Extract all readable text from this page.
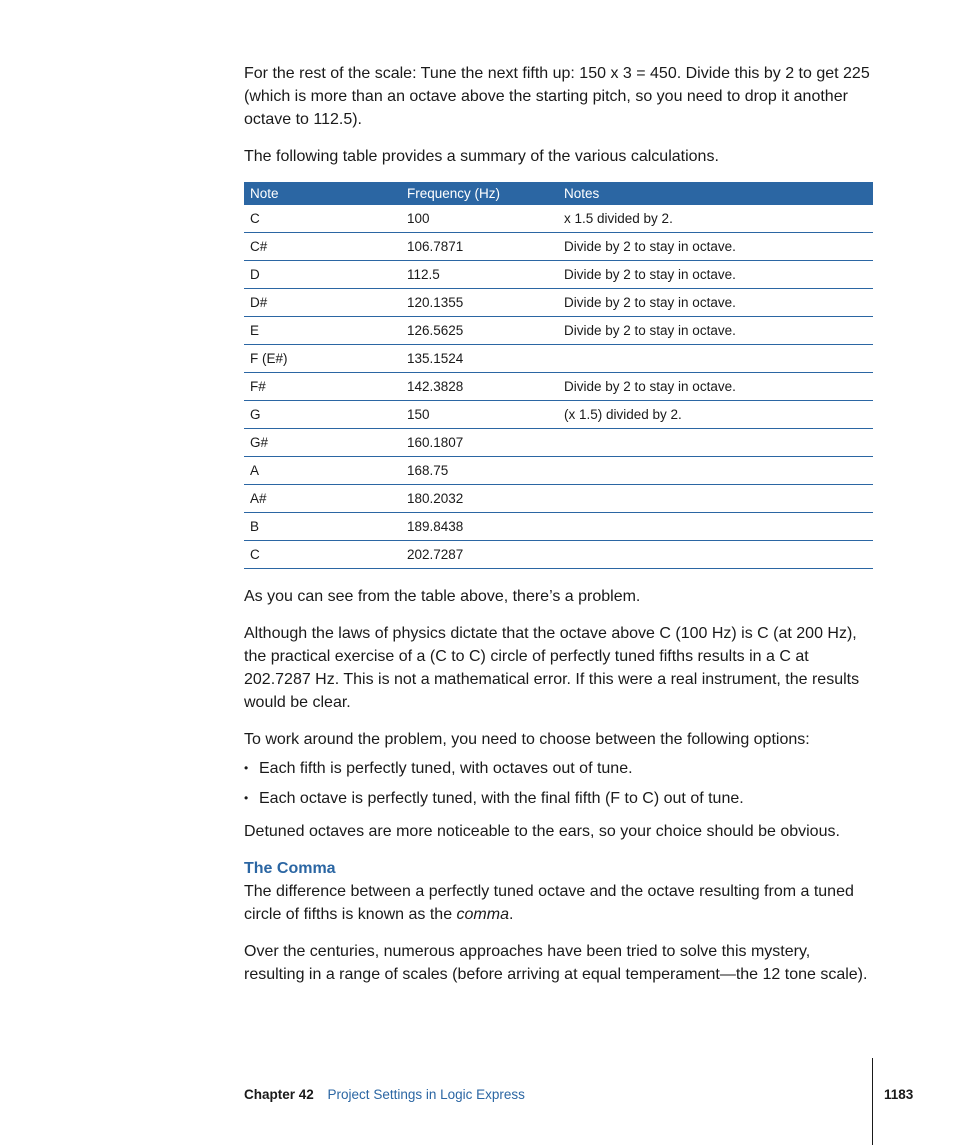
For the rest of the scale: Tune the next fifth up: 150 x 3 = 450. Divide this by 2 to get 225 (which is more than an octave above the starting pitch, so you need to drop it another octave to 112.5).

The following table provides a summary of the various calculations.

Note	Frequency (Hz)	Notes
C	100	x 1.5 divided by 2.
C#	106.7871	Divide by 2 to stay in octave.
D	112.5	Divide by 2 to stay in octave.
D#	120.1355	Divide by 2 to stay in octave.
E	126.5625	Divide by 2 to stay in octave.
F (E#)	135.1524	
F#	142.3828	Divide by 2 to stay in octave.
G	150	(x 1.5) divided by 2.
G#	160.1807	
A	168.75	
A#	180.2032	
B	189.8438	
C	202.7287	

As you can see from the table above, there’s a problem.

Although the laws of physics dictate that the octave above C (100 Hz) is C (at 200 Hz), the practical exercise of a (C to C) circle of perfectly tuned fifths results in a C at 202.7287 Hz. This is not a mathematical error. If this were a real instrument, the results would be clear.

To work around the problem, you need to choose between the following options:

• Each fifth is perfectly tuned, with octaves out of tune.
• Each octave is perfectly tuned, with the final fifth (F to C) out of tune.

Detuned octaves are more noticeable to the ears, so your choice should be obvious.

The Comma

The difference between a perfectly tuned octave and the octave resulting from a tuned circle of fifths is known as the comma.

Over the centuries, numerous approaches have been tried to solve this mystery, resulting in a range of scales (before arriving at equal temperament—the 12 tone scale).

Chapter 42 Project Settings in Logic Express	1183
